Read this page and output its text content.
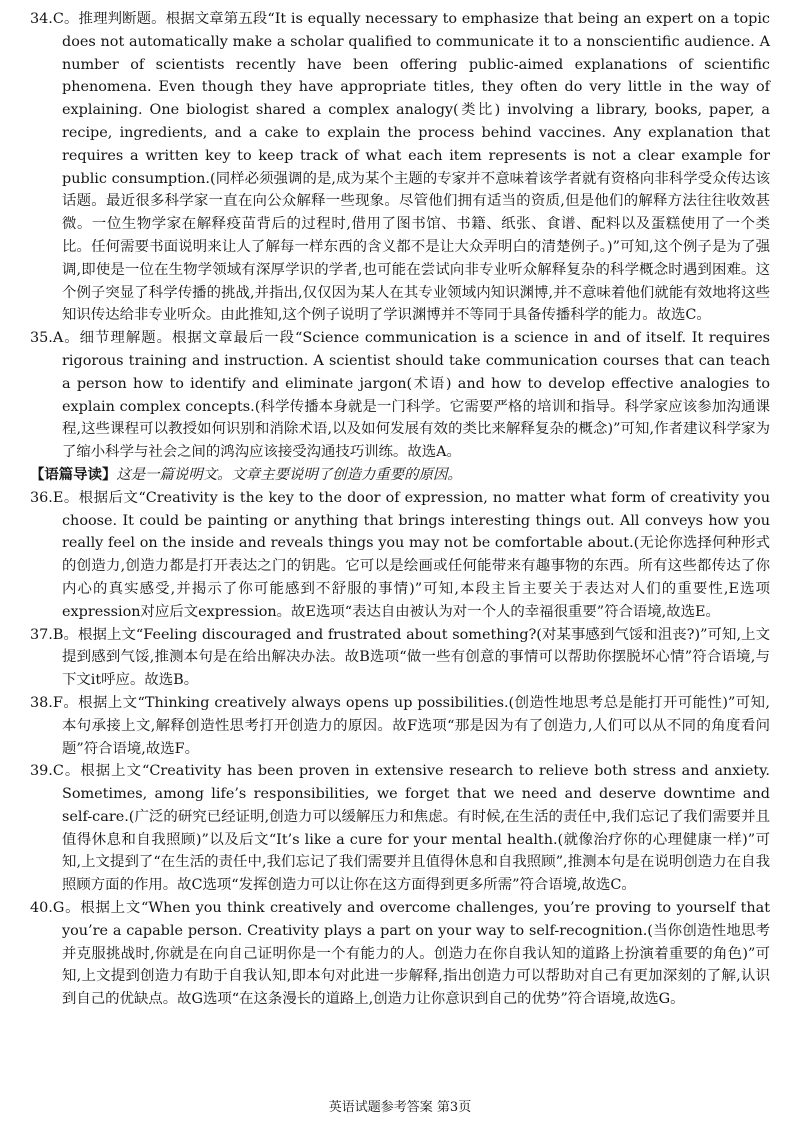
34.C。推理判断题。根据文章第五段“It is equally necessary to emphasize that being an expert on a topic does not automatically make a scholar qualified to communicate it to a nonscientific audience. A number of scientists recently have been offering public-aimed explanations of scientific phenomena. Even though they have appropriate titles, they often do very little in the way of explaining. One biologist shared a complex analogy(类比) involving a library, books, paper, a recipe, ingredients, and a cake to explain the process behind vaccines. Any explanation that requires a written key to keep track of what each item represents is not a clear example for public consumption.(同样必须强调的是,成为某个主题的专家并不意味着该学者就有资格向非科学受众传达该话题。最近很多科学家一直在向公众解释一些现象。尽管他们拥有适当的资质,但是他们的解释方法往往收效甚微。一位生物学家在解释疫苗背后的过程时,借用了图书馆、书籍、纸张、食谱、配料以及蛋糕使用了一个类比。任何需要书面说明来让人了解每一样东西的含义都不是让大众弄明白的清楚例子。)”可知,这个例子是为了强调,即使是一位在生物学领域有深厚学识的学者,也可能在尝试向非专业听众解释复杂的科学概念时遇到困难。这个例子突显了科学传播的挑战,并指出,仅仅因为某人在其专业领域内知识渊博,并不意味着他们就能有效地将这些知识传达给非专业听众。由此推知,这个例子说明了学识渊博并不等同于具备传播科学的能力。故选C。

35.A。细节理解题。根据文章最后一段“Science communication is a science in and of itself. It requires rigorous training and instruction. A scientist should take communication courses that can teach a person how to identify and eliminate jargon(术语) and how to develop effective analogies to explain complex concepts.(科学传播本身就是一门科学。它需要严格的培训和指导。科学家应该参加沟通课程,这些课程可以教授如何识别和消除术语,以及如何发展有效的类比来解释复杂的概念)”可知,作者建议科学家为了缩小科学与社会之间的鸿沟应该接受沟通技巧训练。故选A。

【语篇导读】这是一篇说明文。文章主要说明了创造力重要的原因。

36.E。根据后文“Creativity is the key to the door of expression, no matter what form of creativity you choose. It could be painting or anything that brings interesting things out. All conveys how you really feel on the inside and reveals things you may not be comfortable about.(无论你选择何种形式的创造力,创造力都是打开表达之门的钥匙。它可以是绘画或任何能带来有趣事物的东西。所有这些都传达了你内心的真实感受,并揭示了你可能感到不舒服的事情)”可知,本段主旨主要关于表达对人们的重要性,E选项expression对应后文expression。故E选项“表达自由被认为对一个人的幸福很重要”符合语境,故选E。

37.B。根据上文“Feeling discouraged and frustrated about something?(对某事感到气馁和沮丧?)”可知,上文提到感到气馁,推测本句是在给出解决办法。故B选项“做一些有创意的事情可以帮助你摆脱坏心情”符合语境,与下文it呼应。故选B。

38.F。根据上文“Thinking creatively always opens up possibilities.(创造性地思考总是能打开可能性)”可知,本句承接上文,解释创造性思考打开创造力的原因。故F选项“那是因为有了创造力,人们可以从不同的角度看问题”符合语境,故选F。

39.C。根据上文“Creativity has been proven in extensive research to relieve both stress and anxiety. Sometimes, among life’s responsibilities, we forget that we need and deserve downtime and self-care.(广泛的研究已经证明,创造力可以缓解压力和焦虑。有时候,在生活的责任中,我们忘记了我们需要并且值得休息和自我照顾)”以及后文“It’s like a cure for your mental health.(就像治疗你的心理健康一样)”可知,上文提到了“在生活的责任中,我们忘记了我们需要并且值得休息和自我照顾”,推测本句是在说明创造力在自我照顾方面的作用。故C选项“发挥创造力可以让你在这方面得到更多所需”符合语境,故选C。

40.G。根据上文“When you think creatively and overcome challenges, you’re proving to yourself that you’re a capable person. Creativity plays a part on your way to self-recognition.(当你创造性地思考并克服挑战时,你就是在向自己证明你是一个有能力的人。创造力在你自我认知的道路上扮演着重要的角色)”可知,上文提到创造力有助于自我认知,即本句对此进一步解释,指出创造力可以帮助对自己有更加深刻的了解,认识到自己的优缺点。故G选项“在这条漫长的道路上,创造力让你意识到自己的优势”符合语境,故选G。

英语试题参考答案 第3页
